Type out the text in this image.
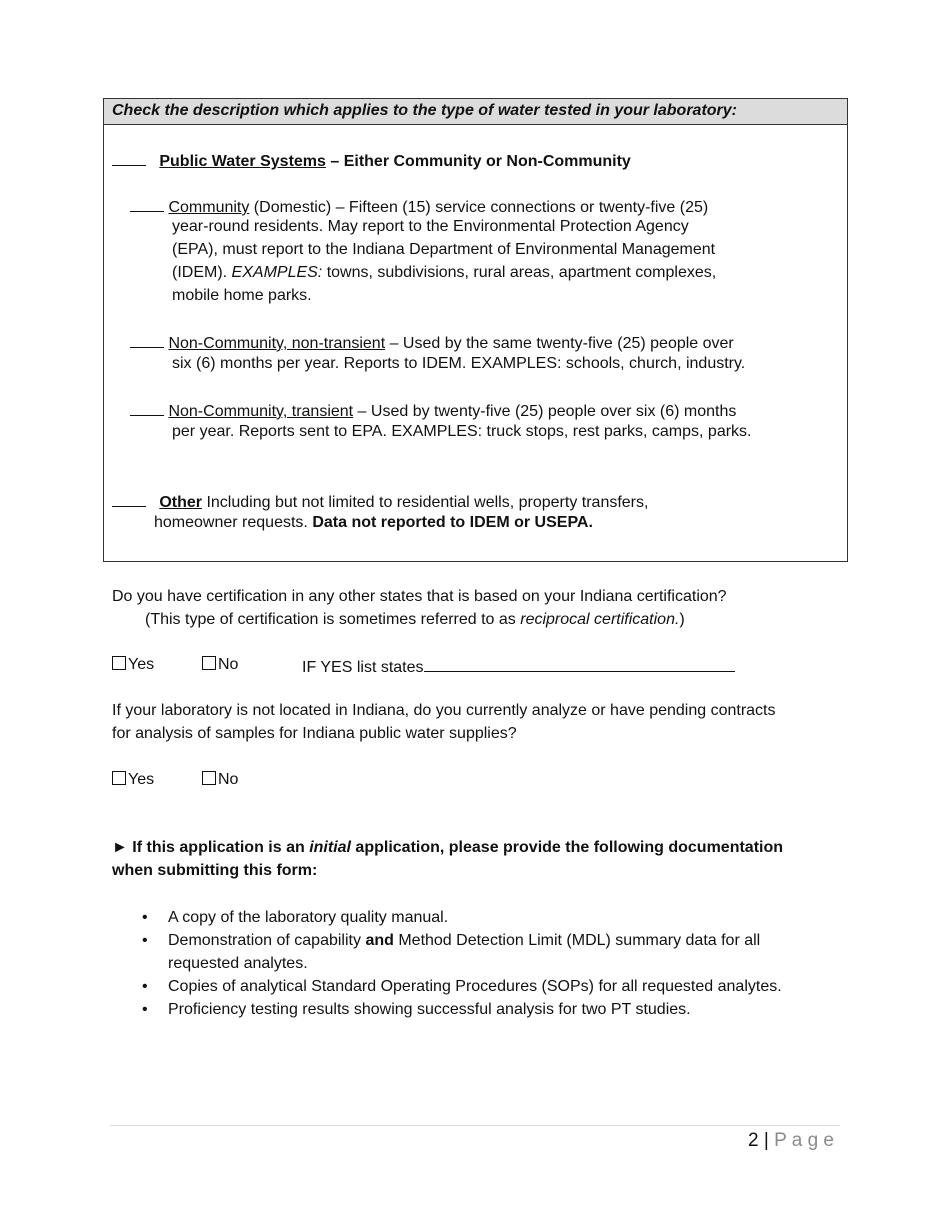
Check the description which applies to the type of water tested in your laboratory:
Public Water Systems – Either Community or Non-Community
Community (Domestic) – Fifteen (15) service connections or twenty-five (25)
year-round residents. May report to the Environmental Protection Agency
(EPA), must report to the Indiana Department of Environmental Management
(IDEM). EXAMPLES: towns, subdivisions, rural areas, apartment complexes,
mobile home parks.
Non-Community, non-transient – Used by the same twenty-five (25) people over
six (6) months per year. Reports to IDEM. EXAMPLES: schools, church, industry.
Non-Community, transient – Used by twenty-five (25) people over six (6) months
per year. Reports sent to EPA. EXAMPLES: truck stops, rest parks, camps, parks.
Other Including but not limited to residential wells, property transfers,
homeowner requests. Data not reported to IDEM or USEPA.
Do you have certification in any other states that is based on your Indiana certification?
(This type of certification is sometimes referred to as reciprocal certification.)
Yes	No	IF YES list states
If your laboratory is not located in Indiana, do you currently analyze or have pending contracts
for analysis of samples for Indiana public water supplies?
Yes	No
► If this application is an initial application, please provide the following documentation
when submitting this form:
• A copy of the laboratory quality manual.
• Demonstration of capability and Method Detection Limit (MDL) summary data for all requested analytes.
• Copies of analytical Standard Operating Procedures (SOPs) for all requested analytes.
• Proficiency testing results showing successful analysis for two PT studies.
2 | P a g e
